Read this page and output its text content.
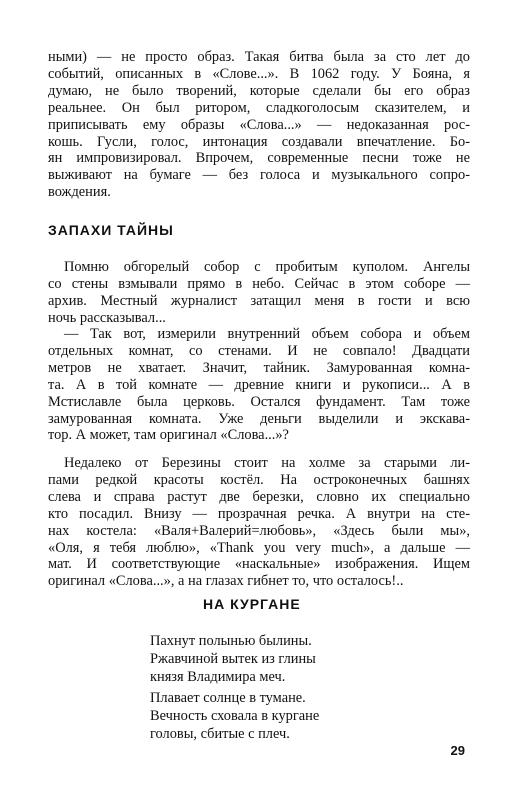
ными) — не просто образ. Такая битва была за сто лет до
событий, описанных в «Слове...». В 1062 году. У Бояна, я
думаю, не было творений, которые сделали бы его образ
реальнее. Он был ритором, сладкоголосым сказителем, и
приписывать ему образы «Слова...» — недоказанная рос-
кошь. Гусли, голос, интонация создавали впечатление. Бо-
ян импровизировал. Впрочем, современные песни тоже не
выживают на бумаге — без голоса и музыкального сопро-
вождения.
ЗАПАХИ ТАЙНЫ
Помню обгорелый собор с пробитым куполом. Ангелы
со стены взмывали прямо в небо. Сейчас в этом соборе —
архив. Местный журналист затащил меня в гости и всю
ночь рассказывал...
— Так вот, измерили внутренний объем собора и объем
отдельных комнат, со стенами. И не совпало! Двадцати
метров не хватает. Значит, тайник. Замурованная комна-
та. А в той комнате — древние книги и рукописи... А в
Мстиславле была церковь. Остался фундамент. Там тоже
замурованная комната. Уже деньги выделили и экскава-
тор. А может, там оригинал «Слова...»?
Недалеко от Березины стоит на холме за старыми ли-
пами редкой красоты костёл. На остроконечных башнях
слева и справа растут две березки, словно их специально
кто посадил. Внизу — прозрачная речка. А внутри на сте-
нах костела: «Валя+Валерий=любовь», «Здесь были мы»,
«Оля, я тебя люблю», «Thank you very much», а дальше —
мат. И соответствующие «наскальные» изображения. Ищем
оригинал «Слова...», а на глазах гибнет то, что осталось!..
НА КУРГАНЕ
Пахнут полынью былины.
Ржавчиной вытек из глины
князя Владимира меч.
Плавает солнце в тумане.
Вечность сховала в кургане
головы, сбитые с плеч.
29
